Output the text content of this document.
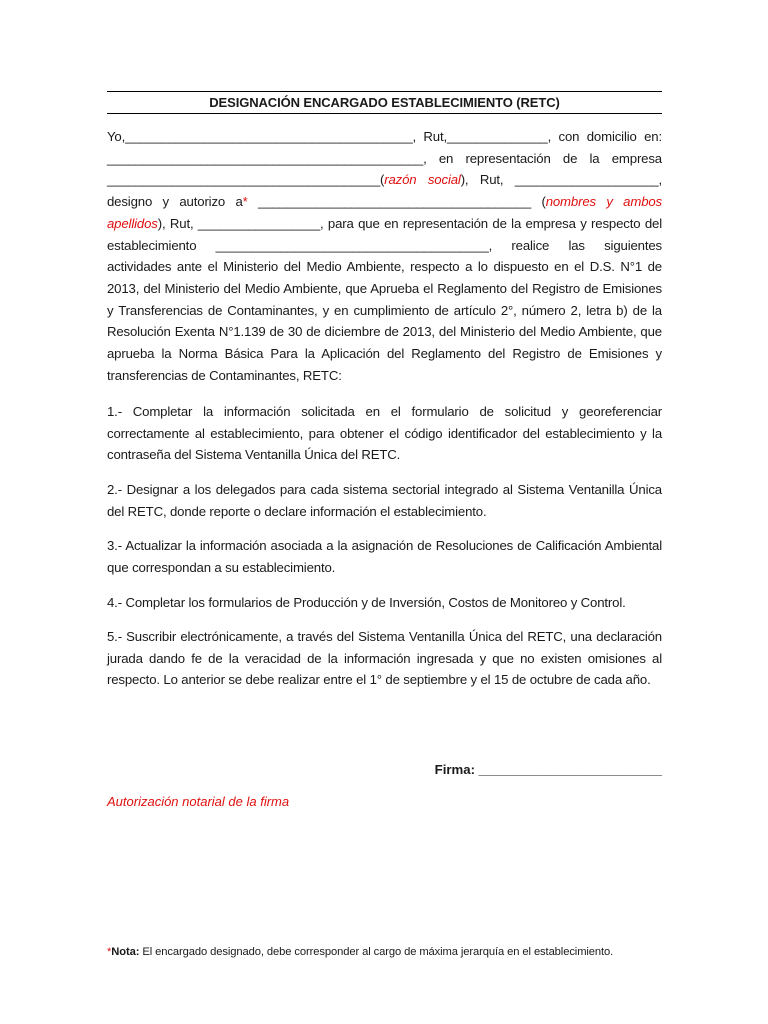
DESIGNACIÓN ENCARGADO ESTABLECIMIENTO (RETC)
Yo,________________________________________, Rut,______________, con domicilio en: ____________________________________________, en representación de la empresa ______________________________________(razón social), Rut, ____________________, designo y autorizo a* ______________________________________ (nombres y ambos apellidos), Rut, _________________, para que en representación de la empresa y respecto del establecimiento ______________________________________, realice las siguientes actividades ante el Ministerio del Medio Ambiente, respecto a lo dispuesto en el D.S. N°1 de 2013, del Ministerio del Medio Ambiente, que Aprueba el Reglamento del Registro de Emisiones y Transferencias de Contaminantes, y en cumplimiento de artículo 2°, número 2, letra b) de la Resolución Exenta N°1.139 de 30 de diciembre de 2013, del Ministerio del Medio Ambiente, que aprueba la Norma Básica Para la Aplicación del Reglamento del Registro de Emisiones y transferencias de Contaminantes, RETC:
1.- Completar la información solicitada en el formulario de solicitud y georeferenciar correctamente al establecimiento, para obtener el código identificador del establecimiento y la contraseña del Sistema Ventanilla Única del RETC.
2.- Designar a los delegados para cada sistema sectorial integrado al Sistema Ventanilla Única del RETC, donde reporte o declare información el establecimiento.
3.- Actualizar la información asociada a la asignación de Resoluciones de Calificación Ambiental que correspondan a su establecimiento.
4.- Completar los formularios de Producción y de Inversión, Costos de Monitoreo y Control.
5.- Suscribir electrónicamente, a través del Sistema Ventanilla Única del RETC, una declaración jurada dando fe de la veracidad de la información ingresada y que no existen omisiones al respecto. Lo anterior se debe realizar entre el 1° de septiembre y el 15 de octubre de cada año.
Firma: _________________________
Autorización notarial de la firma
*Nota: El encargado designado, debe corresponder al cargo de máxima jerarquía en el establecimiento.
